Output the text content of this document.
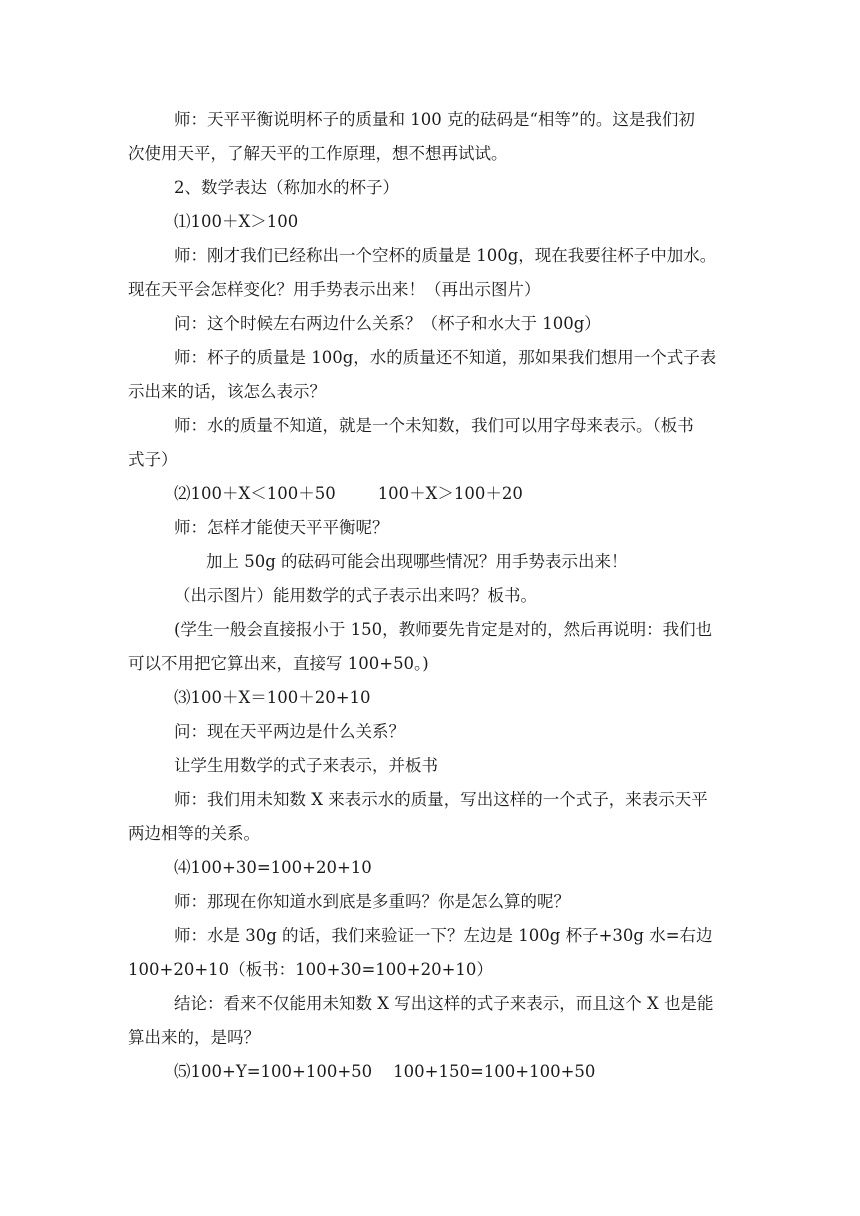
师：天平平衡说明杯子的质量和 100 克的砝码是“相等”的。这是我们初
次使用天平，了解天平的工作原理，想不想再试试。
2、数学表达（称加水的杯子）
⑴100＋X＞100
师：刚才我们已经称出一个空杯的质量是 100g，现在我要往杯子中加水。
现在天平会怎样变化？用手势表示出来！（再出示图片）
问：这个时候左右两边什么关系？（杯子和水大于 100g）
师：杯子的质量是 100g，水的质量还不知道，那如果我们想用一个式子表
示出来的话，该怎么表示？
师：水的质量不知道，就是一个未知数，我们可以用字母来表示。（板书
式子）
⑵100＋X＜100＋50        100＋X＞100＋20
师：怎样才能使天平平衡呢？
加上 50g 的砝码可能会出现哪些情况？用手势表示出来！
（出示图片）能用数学的式子表示出来吗？板书。
(学生一般会直接报小于 150，教师要先肯定是对的，然后再说明：我们也
可以不用把它算出来，直接写 100+50。)
⑶100＋X＝100＋20+10
问：现在天平两边是什么关系？
让学生用数学的式子来表示，并板书
师：我们用未知数 X 来表示水的质量，写出这样的一个式子，来表示天平
两边相等的关系。
⑷100+30=100+20+10
师：那现在你知道水到底是多重吗？你是怎么算的呢？
师：水是 30g 的话，我们来验证一下？左边是 100g 杯子+30g 水=右边
100+20+10（板书：100+30=100+20+10）
结论：看来不仅能用未知数 X 写出这样的式子来表示，而且这个 X 也是能
算出来的，是吗？
⑸100+Y=100+100+50    100+150=100+100+50
